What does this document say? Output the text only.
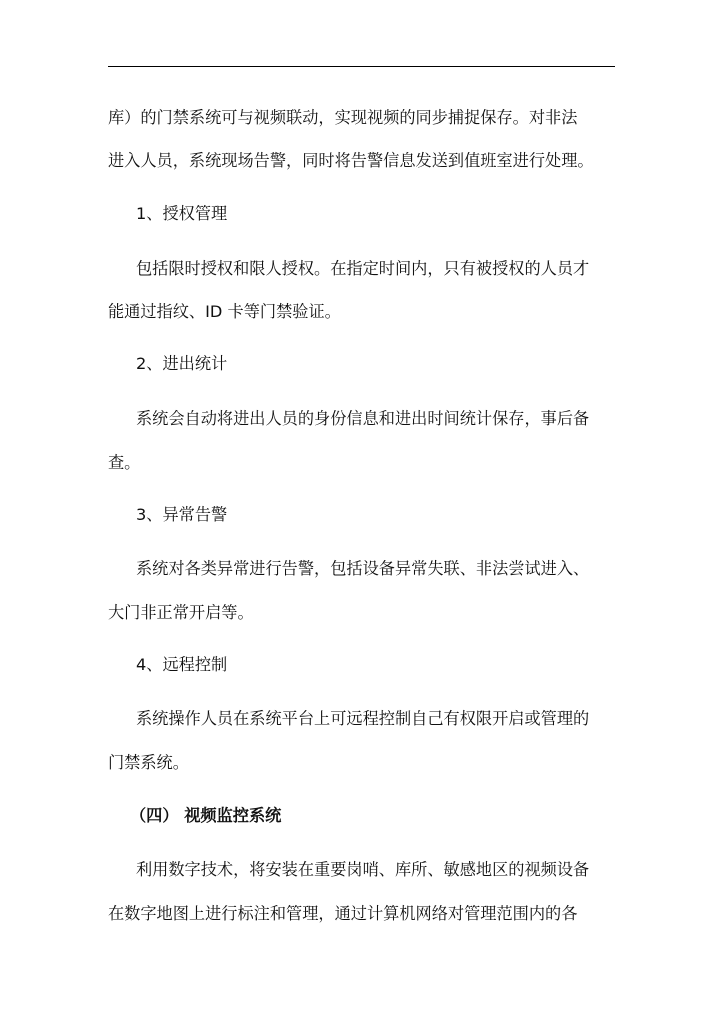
库）的门禁系统可与视频联动，实现视频的同步捕捉保存。对非法
进入人员，系统现场告警，同时将告警信息发送到值班室进行处理。
1、授权管理
包括限时授权和限人授权。在指定时间内，只有被授权的人员才
能通过指纹、ID 卡等门禁验证。
2、进出统计
系统会自动将进出人员的身份信息和进出时间统计保存，事后备
查。
3、异常告警
系统对各类异常进行告警，包括设备异常失联、非法尝试进入、
大门非正常开启等。
4、远程控制
系统操作人员在系统平台上可远程控制自己有权限开启或管理的
门禁系统。
（四） 视频监控系统
利用数字技术，将安装在重要岗哨、库所、敏感地区的视频设备
在数字地图上进行标注和管理，通过计算机网络对管理范围内的各
